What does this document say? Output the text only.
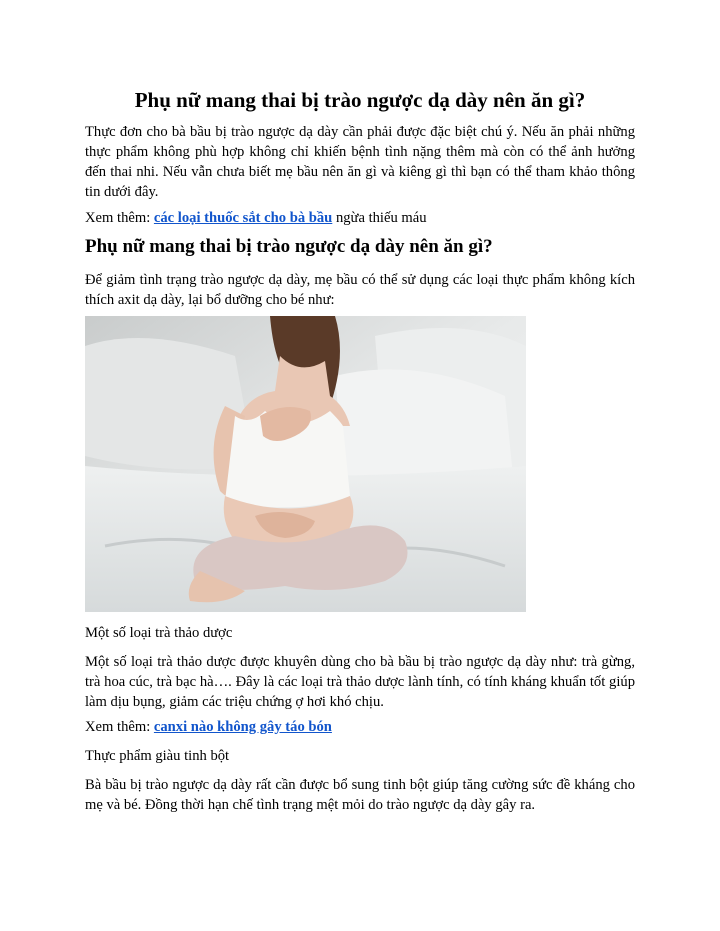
Phụ nữ mang thai bị trào ngược dạ dày nên ăn gì?

Thực đơn cho bà bầu bị trào ngược dạ dày cần phải được đặc biệt chú ý. Nếu ăn phải những thực phẩm không phù hợp không chỉ khiến bệnh tình nặng thêm mà còn có thể ảnh hưởng đến thai nhi. Nếu vẫn chưa biết mẹ bầu nên ăn gì và kiêng gì thì bạn có thể tham khảo thông tin dưới đây.

Xem thêm: các loại thuốc sắt cho bà bầu ngừa thiếu máu

Phụ nữ mang thai bị trào ngược dạ dày nên ăn gì?

Để giảm tình trạng trào ngược dạ dày, mẹ bầu có thể sử dụng các loại thực phẩm không kích thích axit dạ dày, lại bổ dưỡng cho bé như:

Một số loại trà thảo dược

Một số loại trà thảo dược được khuyên dùng cho bà bầu bị trào ngược dạ dày như: trà gừng, trà hoa cúc, trà bạc hà…. Đây là các loại trà thảo dược lành tính, có tính kháng khuẩn tốt giúp làm dịu bụng, giảm các triệu chứng ợ hơi khó chịu.

Xem thêm: canxi nào không gây táo bón

Thực phẩm giàu tinh bột

Bà bầu bị trào ngược dạ dày rất cần được bổ sung tinh bột giúp tăng cường sức đề kháng cho mẹ và bé. Đồng thời hạn chế tình trạng mệt mỏi do trào ngược dạ dày gây ra.
